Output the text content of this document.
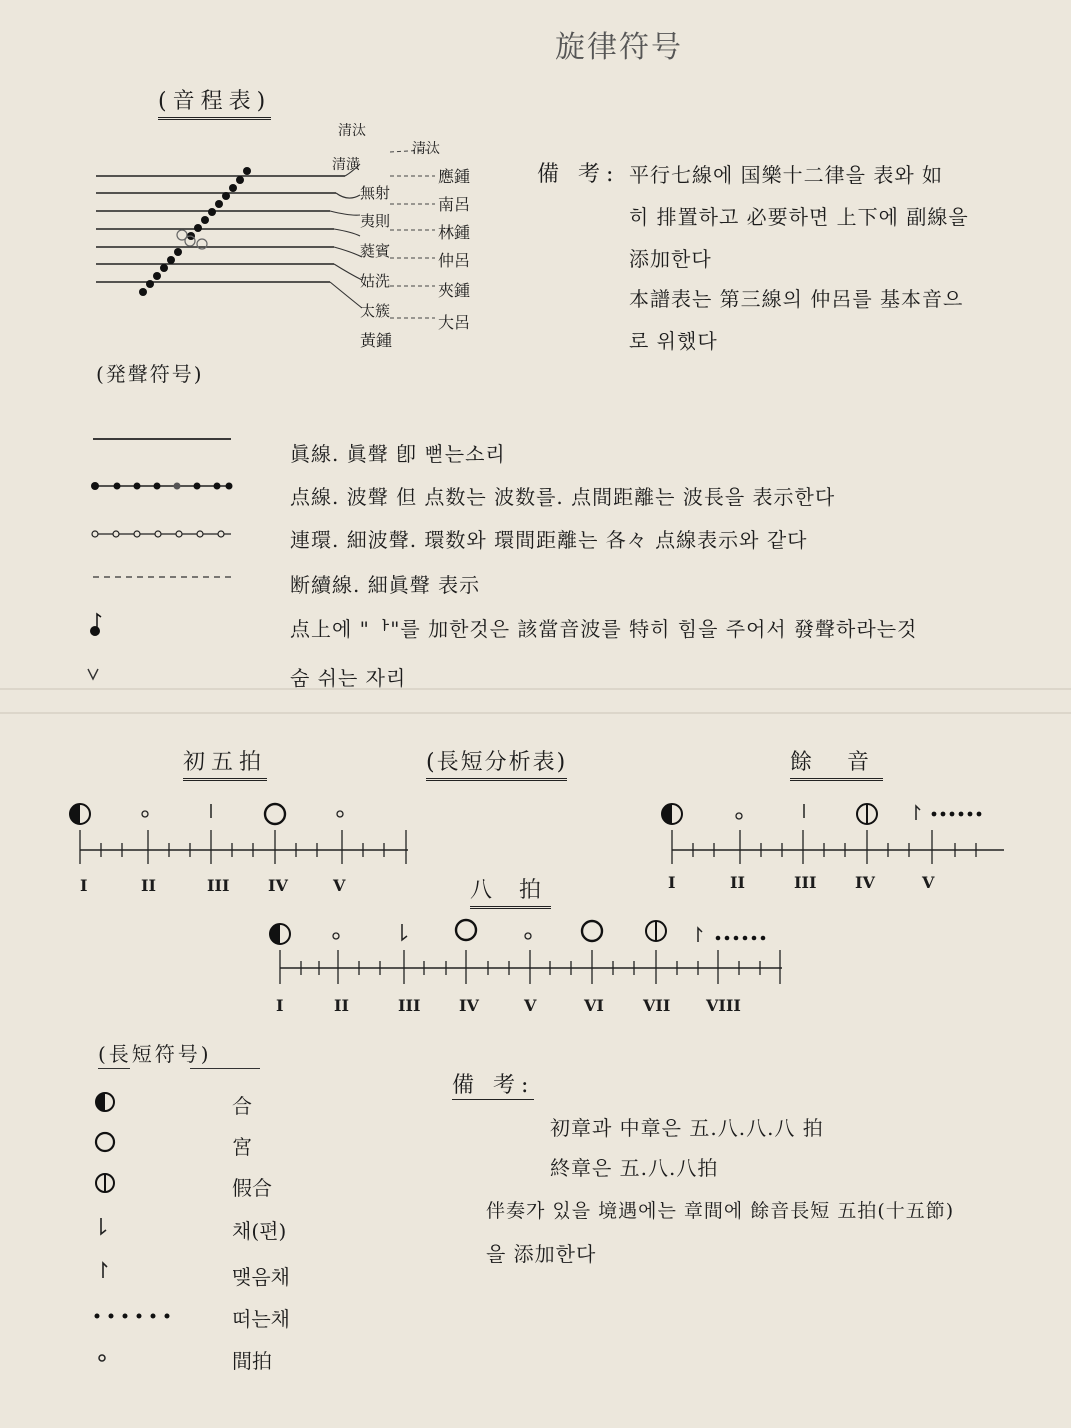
旋律符号
(音程表)
清汰
清潢
無射
夷則
蕤賓
姑洗
太簇
黃鍾
清汰
應鍾
南呂
林鍾
仲呂
夾鍾
大呂
備 考: 平行七線에 国樂十二律을 表와 如
히 排置하고 必要하면 上下에 副線을
添加한다
本譜表는 第三線의 仲呂를 基本音으
로 위했다
(発聲符号)
眞線. 眞聲 卽 뻗는소리
点線. 波聲 但 点数는 波数를. 点間距離는 波長을 表示한다
連環. 細波聲. 環数와 環間距離는 各々 点線表示와 같다
断續線. 細眞聲 表示
点上에 "ᅡ"를 加한것은 該當音波를 特히 힘을 주어서 發聲하라는것
숨 쉬는 자리
初五拍	(長短分析表)	餘 音
八 拍
I	II	III IV	V	I	II	III IV	V
I	II	III IV	V	VI VII VIII
(長短符号)
合
宮
假合
채(편)
맺음채
떠는채
間拍
備 考:
初章과 中章은 五.八.八.八 拍
終章은 五.八.八拍
伴奏가 있을 境遇에는 章間에 餘音長短 五拍(十五節)
을 添加한다
